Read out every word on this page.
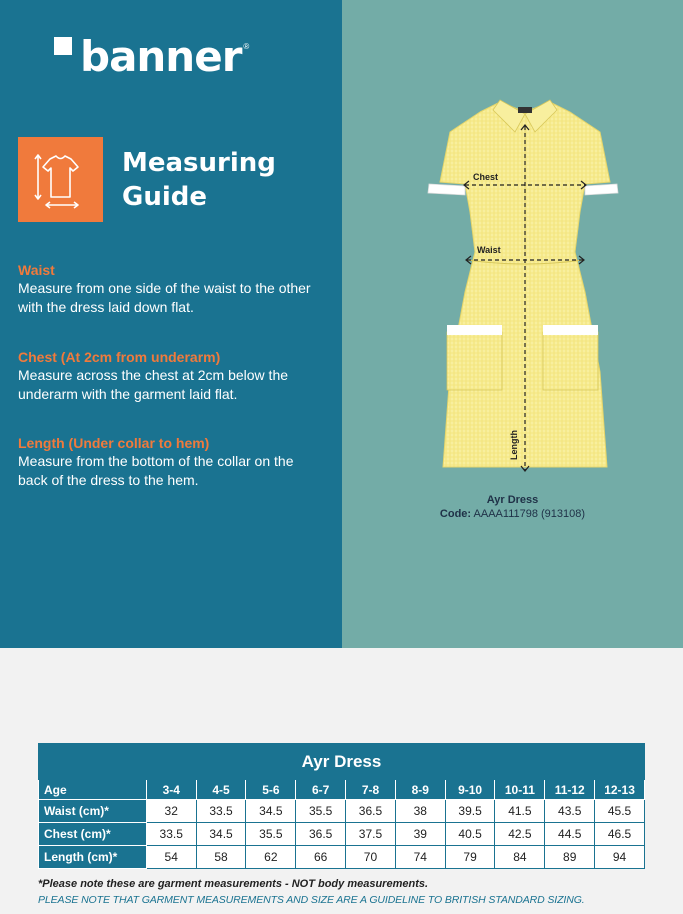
banner ®
Measuring
Guide
Waist

Measure from one side of the waist to the other with the dress laid down flat.

Chest (At 2cm from underarm)

Measure across the chest at 2cm below the underarm with the garment laid flat.

Length (Under collar to hem)

Measure from the bottom of the collar on the back of the dress to the hem.

Chest
Waist
Length
Ayr Dress
Code: AAAA111798 (913108)
Ayr Dress										
Age	3-4	4-5	5-6	6-7	7-8	8-9	9-10	10-11	11-12	12-13
Waist (cm)*	32	33.5	34.5	35.5	36.5	38	39.5	41.5	43.5	45.5
Chest (cm)*	33.5	34.5	35.5	36.5	37.5	39	40.5	42.5	44.5	46.5
Length (cm)*	54	58	62	66	70	74	79	84	89	94
*Please note these are garment measurements - NOT body measurements.
PLEASE NOTE THAT GARMENT MEASUREMENTS AND SIZE ARE A GUIDELINE TO BRITISH STANDARD SIZING.
